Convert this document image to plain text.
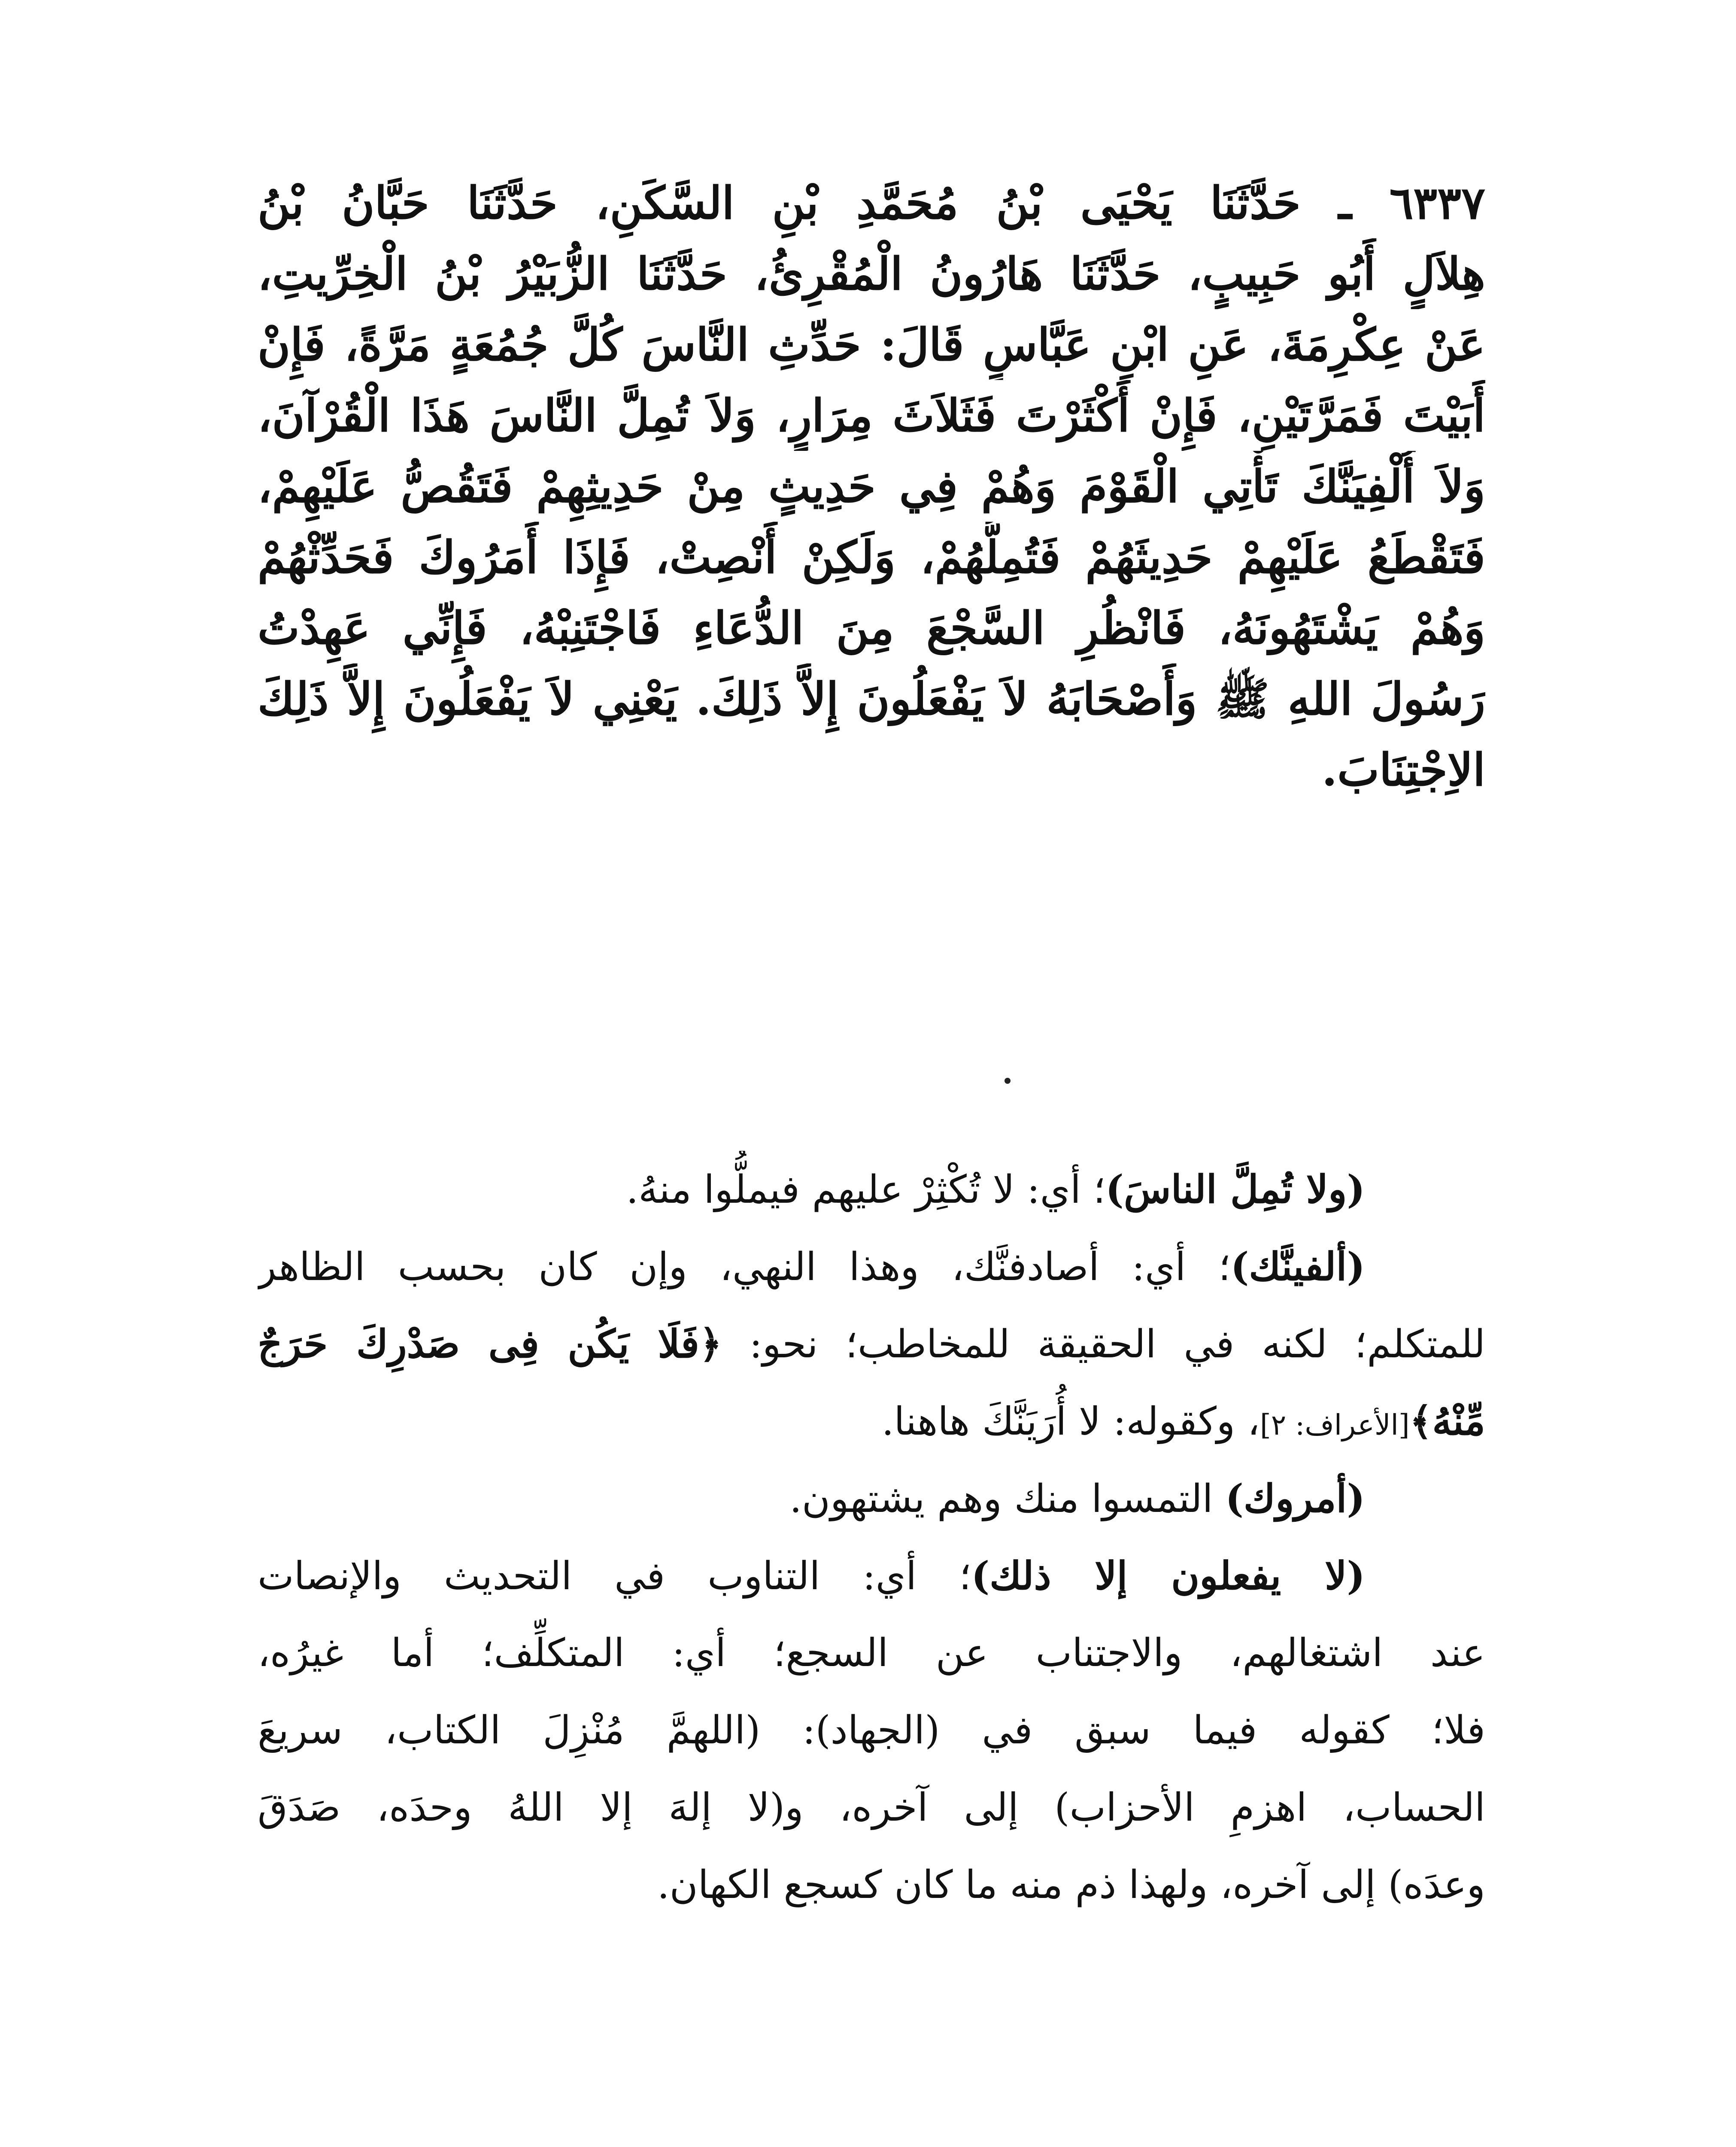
٦٣٣٧ ـ حَدَّثَنَا يَحْيَى بْنُ مُحَمَّدِ بْنِ السَّكَنِ، حَدَّثَنَا حَبَّانُ بْنُ
هِلاَلٍ أَبُو حَبِيبٍ، حَدَّثَنَا هَارُونُ الْمُقْرِئُ، حَدَّثَنَا الزُّبَيْرُ بْنُ الْخِرِّيتِ،
عَنْ عِكْرِمَةَ، عَنِ ابْنِ عَبَّاسٍ قَالَ: حَدِّثِ النَّاسَ كُلَّ جُمُعَةٍ مَرَّةً، فَإِنْ
أَبَيْتَ فَمَرَّتَيْنِ، فَإِنْ أَكْثَرْتَ فَثَلاَثَ مِرَارٍ، وَلاَ تُمِلَّ النَّاسَ هَذَا الْقُرْآنَ،
وَلاَ أُلْفِيَنَّكَ تَأْتِي الْقَوْمَ وَهُمْ فِي حَدِيثٍ مِنْ حَدِيثِهِمْ فَتَقُصُّ عَلَيْهِمْ،
فَتَقْطَعُ عَلَيْهِمْ حَدِيثَهُمْ فَتُمِلُّهُمْ، وَلَكِنْ أَنْصِتْ، فَإِذَا أَمَرُوكَ فَحَدِّثْهُمْ
وَهُمْ يَشْتَهُونَهُ، فَانْظُرِ السَّجْعَ مِنَ الدُّعَاءِ فَاجْتَنِبْهُ، فَإِنِّي عَهِدْتُ
رَسُولَ اللهِ ﷺ وَأَصْحَابَهُ لاَ يَفْعَلُونَ إِلاَّ ذَلِكَ. يَعْنِي لاَ يَفْعَلُونَ إِلاَّ ذَلِكَ
الاِجْتِنَابَ.

(ولا تُمِلَّ الناسَ)؛ أي: لا تُكْثِرْ عليهم فيملُّوا منهُ.

(ألفينَّك)؛ أي: أصادفنَّك، وهذا النهي، وإن كان بحسب الظاهر
للمتكلم؛ لكنه في الحقيقة للمخاطب؛ نحو: ﴿فَلَا يَكُن فِى صَدْرِكَ حَرَجٌ
مِّنْهُ﴾[الأعراف: ٢]، وكقوله: لا أُرَيَنَّكَ هاهنا.

(أمروك) التمسوا منك وهم يشتهون.

(لا يفعلون إلا ذلك)؛ أي: التناوب في التحديث والإنصات
عند اشتغالهم، والاجتناب عن السجع؛ أي: المتكلِّف؛ أما غيرُه،
فلا؛ كقوله فيما سبق في (الجهاد): (اللهمَّ مُنْزِلَ الكتاب، سريعَ
الحساب، اهزمِ الأحزاب) إلى آخره، و(لا إلهَ إلا اللهُ وحدَه، صَدَقَ
وعدَه) إلى آخره، ولهذا ذم منه ما كان كسجع الكهان.
